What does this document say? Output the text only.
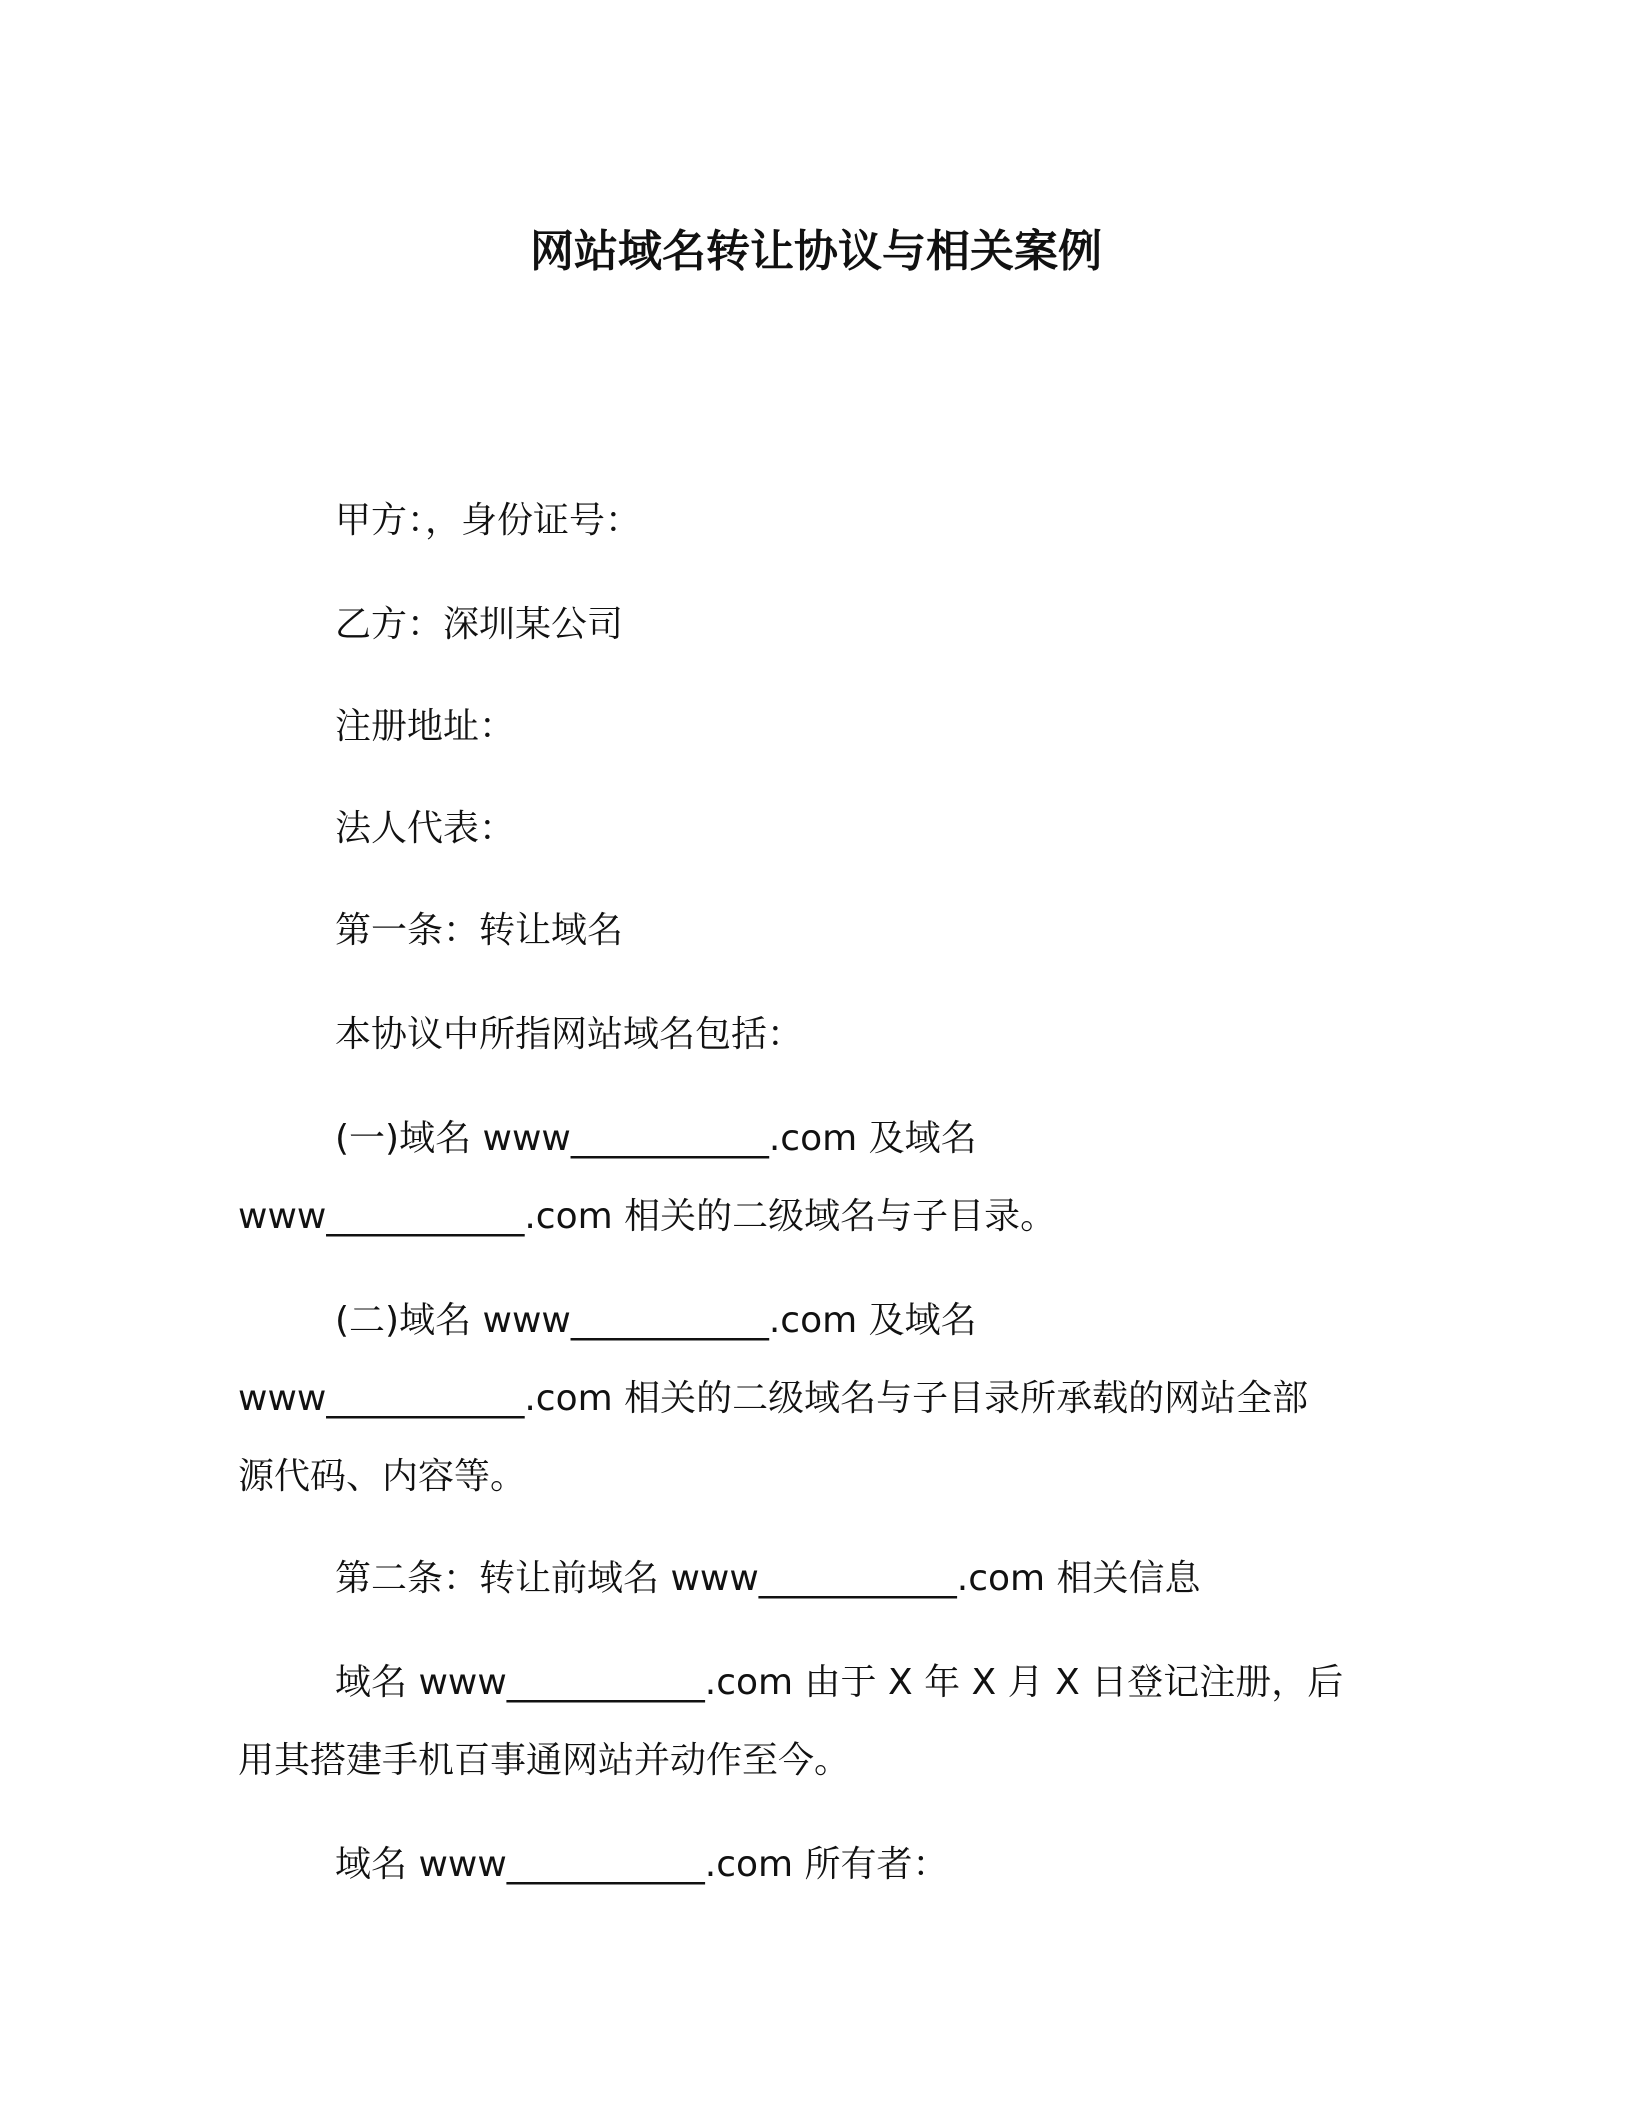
网站域名转让协议与相关案例
甲方：，身份证号：
乙方：深圳某公司
注册地址：
法人代表：
第一条：转让域名
本协议中所指网站域名包括：
(一)域名 www___________.com 及域名
www___________.com 相关的二级域名与子目录。
(二)域名 www___________.com 及域名
www___________.com 相关的二级域名与子目录所承载的网站全部
源代码、内容等。
第二条：转让前域名 www___________.com 相关信息
域名 www___________.com 由于 X 年 X 月 X 日登记注册，后
用其搭建手机百事通网站并动作至今。
域名 www___________.com 所有者：
